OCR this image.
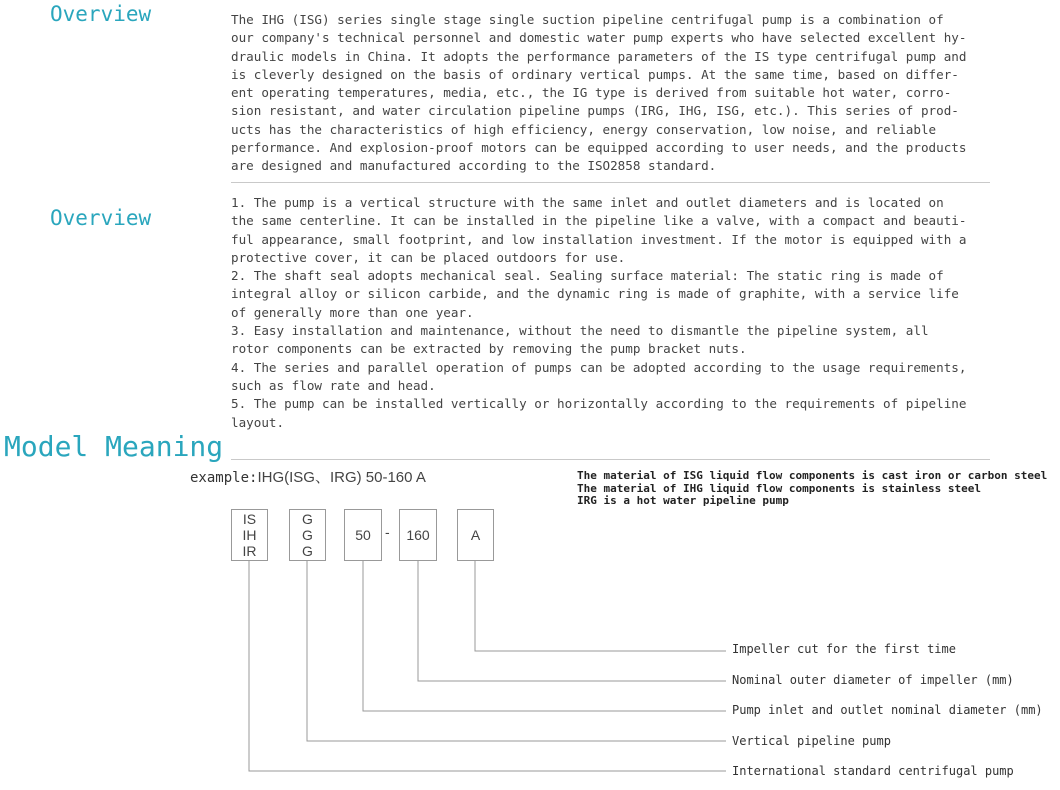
Overview	The IHG (ISG) series single stage single suction pipeline centrifugal pump is a combination of
our company's technical personnel and domestic water pump experts who have selected excellent hy-
draulic models in China. It adopts the performance parameters of the IS type centrifugal pump and
is cleverly designed on the basis of ordinary vertical pumps. At the same time, based on differ-
ent operating temperatures, media, etc., the IG type is derived from suitable hot water, corro-
sion resistant, and water circulation pipeline pumps (IRG, IHG, ISG, etc.). This series of prod-
ucts has the characteristics of high efficiency, energy conservation, low noise, and reliable
performance. And explosion-proof motors can be equipped according to user needs, and the products
are designed and manufactured according to the ISO2858 standard.
Overview
1. The pump is a vertical structure with the same inlet and outlet diameters and is located on
the same centerline. It can be installed in the pipeline like a valve, with a compact and beauti-
ful appearance, small footprint, and low installation investment. If the motor is equipped with a
protective cover, it can be placed outdoors for use.
2. The shaft seal adopts mechanical seal. Sealing surface material: The static ring is made of
integral alloy or silicon carbide, and the dynamic ring is made of graphite, with a service life
of generally more than one year.
3. Easy installation and maintenance, without the need to dismantle the pipeline system, all
rotor components can be extracted by removing the pump bracket nuts.
4. The series and parallel operation of pumps can be adopted according to the usage requirements,
such as flow rate and head.
5. The pump can be installed vertically or horizontally according to the requirements of pipeline
layout.
Model Meaning
example:IHG(ISG、IRG) 50-160 A	The material of ISG liquid flow components is cast iron or carbon steel
The material of IHG liquid flow components is stainless steel
IRG is a hot water pipeline pump
IS
IH
IR
G
G
G
50 - 160	A
Impeller cut for the first time
Nominal outer diameter of impeller (mm)
Pump inlet and outlet nominal diameter (mm)
Vertical pipeline pump
International standard centrifugal pump
